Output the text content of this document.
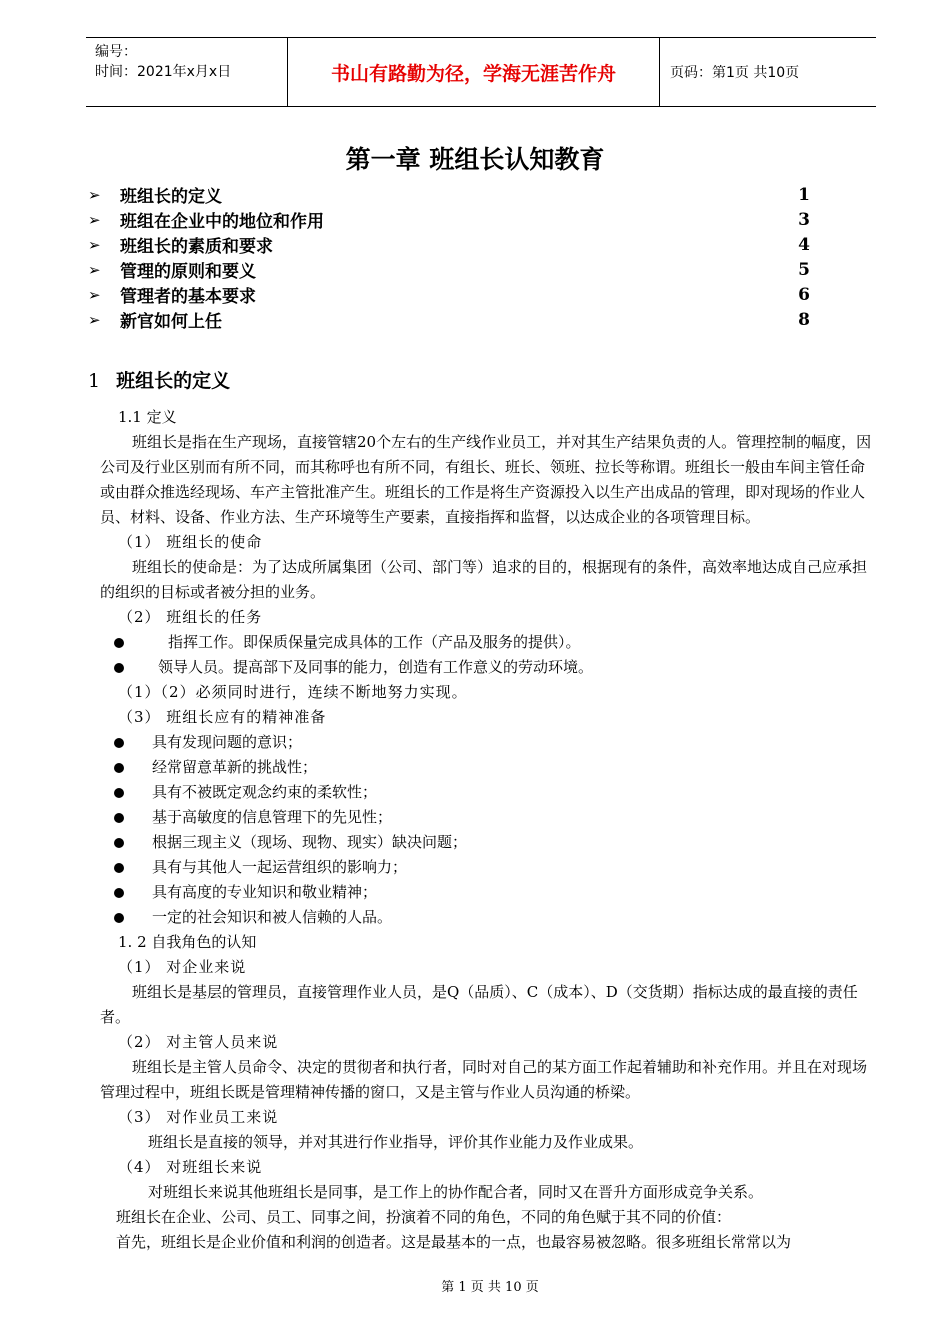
编号：
时间：2021年x月x日	书山有路勤为径，学海无涯苦作舟	页码：第1页 共10页
第一章 班组长认知教育
➢	班组长的定义	1
➢	班组在企业中的地位和作用	3
➢	班组长的素质和要求	4
➢	管理的原则和要义	5
➢	管理者的基本要求	6
➢	新官如何上任	8
1 班组长的定义

1.1 定义

班组长是指在生产现场，直接管辖20个左右的生产线作业员工，并对其生产结果负责的人。管理控制的幅度，因公司及行业区别而有所不同，而其称呼也有所不同，有组长、班长、领班、拉长等称谓。班组长一般由车间主管任命或由群众推选经现场、车产主管批准产生。班组长的工作是将生产资源投入以生产出成品的管理，即对现场的作业人员、材料、设备、作业方法、生产环境等生产要素，直接指挥和监督，以达成企业的各项管理目标。

（1） 班组长的使命

班组长的使命是：为了达成所属集团（公司、部门等）追求的目的，根据现有的条件，高效率地达成自己应承担的组织的目标或者被分担的业务。

（2） 班组长的任务

指挥工作。即保质保量完成具体的工作（产品及服务的提供）。
领导人员。提高部下及同事的能力，创造有工作意义的劳动环境。

（1）（2）必须同时进行，连续不断地努力实现。

（3） 班组长应有的精神准备

具有发现问题的意识；
经常留意革新的挑战性；
具有不被既定观念约束的柔软性；
基于高敏度的信息管理下的先见性；
根据三现主义（现场、现物、现实）缺决问题；
具有与其他人一起运营组织的影响力；
具有高度的专业知识和敬业精神；
一定的社会知识和被人信赖的人品。

1. 2 自我角色的认知

（1） 对企业来说

班组长是基层的管理员，直接管理作业人员，是Q（品质）、C（成本）、D（交货期）指标达成的最直接的责任者。

（2） 对主管人员来说

班组长是主管人员命令、决定的贯彻者和执行者，同时对自己的某方面工作起着辅助和补充作用。并且在对现场管理过程中，班组长既是管理精神传播的窗口，又是主管与作业人员沟通的桥梁。

（3） 对作业员工来说

班组长是直接的领导，并对其进行作业指导，评价其作业能力及作业成果。

（4） 对班组长来说

对班组长来说其他班组长是同事，是工作上的协作配合者，同时又在晋升方面形成竞争关系。

班组长在企业、公司、员工、同事之间，扮演着不同的角色，不同的角色赋于其不同的价值：

首先，班组长是企业价值和利润的创造者。这是最基本的一点，也最容易被忽略。很多班组长常常以为

第 1 页 共 10 页
